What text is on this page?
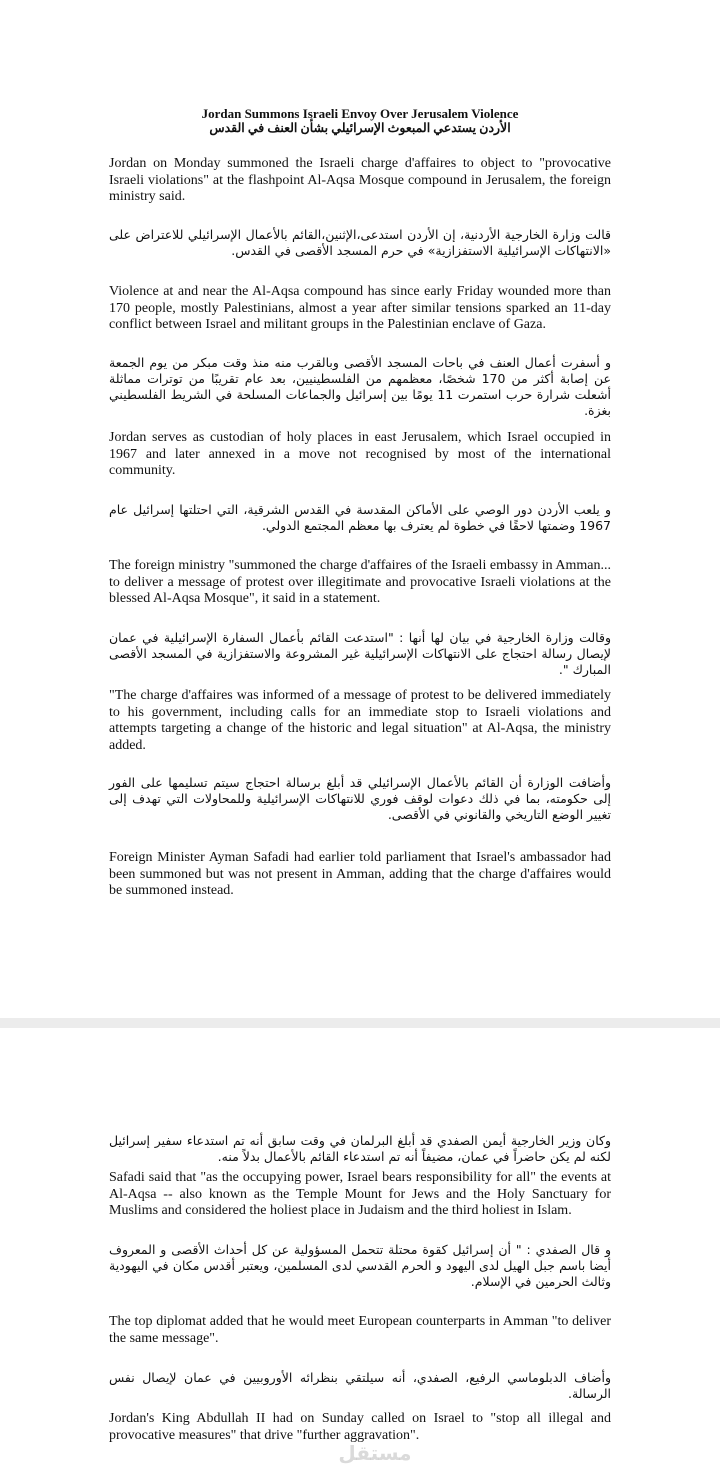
Jordan Summons Israeli Envoy Over Jerusalem Violence

الأردن يستدعي المبعوث الإسرائيلي بشأن العنف في القدس

Jordan on Monday summoned the Israeli charge d'affaires to object to "provocative Israeli violations" at the flashpoint Al-Aqsa Mosque compound in Jerusalem, the foreign ministry said.

قالت وزارة الخارجية الأردنية، إن الأردن استدعى،الإثنين،القائم بالأعمال الإسرائيلي للاعتراض على «الانتهاكات الإسرائيلية الاستفزازية» في حرم المسجد الأقصى في القدس.

Violence at and near the Al-Aqsa compound has since early Friday wounded more than 170 people, mostly Palestinians, almost a year after similar tensions sparked an 11-day conflict between Israel and militant groups in the Palestinian enclave of Gaza.

و أسفرت أعمال العنف في باحات المسجد الأقصى وبالقرب منه منذ وقت مبكر من يوم الجمعة عن إصابة أكثر من 170 شخصًا، معظمهم من الفلسطينيين، بعد عام تقريبًا من توترات مماثلة أشعلت شرارة حرب استمرت 11 يومًا بين إسرائيل والجماعات المسلحة في الشريط الفلسطيني بغزة.

Jordan serves as custodian of holy places in east Jerusalem, which Israel occupied in 1967 and later annexed in a move not recognised by most of the international community.

و يلعب الأردن دور الوصي على الأماكن المقدسة في القدس الشرقية، التي احتلتها إسرائيل عام 1967 وضمتها لاحقًا في خطوة لم يعترف بها معظم المجتمع الدولي.

The foreign ministry "summoned the charge d'affaires of the Israeli embassy in Amman... to deliver a message of protest over illegitimate and provocative Israeli violations at the blessed Al-Aqsa Mosque", it said in a statement.

وقالت وزارة الخارجية في بيان لها أنها : "استدعت القائم بأعمال السفارة الإسرائيلية في عمان لإيصال رسالة احتجاج على الانتهاكات الإسرائيلية غير المشروعة والاستفزازية في المسجد الأقصى المبارك ".

"The charge d'affaires was informed of a message of protest to be delivered immediately to his government, including calls for an immediate stop to Israeli violations and attempts targeting a change of the historic and legal situation" at Al-Aqsa, the ministry added.

وأضافت الوزارة أن القائم بالأعمال الإسرائيلي قد أبلغ برسالة احتجاج سيتم تسليمها على الفور إلى حكومته، بما في ذلك دعوات لوقف فوري للانتهاكات الإسرائيلية وللمحاولات التي تهدف إلى تغيير الوضع التاريخي والقانوني في الأقصى.

Foreign Minister Ayman Safadi had earlier told parliament that Israel's ambassador had been summoned but was not present in Amman, adding that the charge d'affaires would be summoned instead.

وكان وزير الخارجية أيمن الصفدي قد أبلغ البرلمان في وقت سابق أنه تم استدعاء سفير إسرائيل لكنه لم يكن حاضراً في عمان، مضيفاً أنه تم استدعاء القائم بالأعمال بدلاً منه.

Safadi said that "as the occupying power, Israel bears responsibility for all" the events at Al-Aqsa -- also known as the Temple Mount for Jews and the Holy Sanctuary for Muslims and considered the holiest place in Judaism and the third holiest in Islam.

و قال الصفدي : " أن إسرائيل كقوة محتلة تتحمل المسؤولية عن كل أحداث الأقصى و المعروف أيضا باسم جبل الهيل لدى اليهود و الحرم القدسي لدى المسلمين، ويعتبر أقدس مكان في اليهودية وثالث الحرمين في الإسلام.

The top diplomat added that he would meet European counterparts in Amman "to deliver the same message".

وأضاف الدبلوماسي الرفيع، الصفدي، أنه سيلتقي بنظرائه الأوروبيين في عمان لإيصال نفس الرسالة.

Jordan's King Abdullah II had on Sunday called on Israel to "stop all illegal and provocative measures" that drive "further aggravation".

مستقل
